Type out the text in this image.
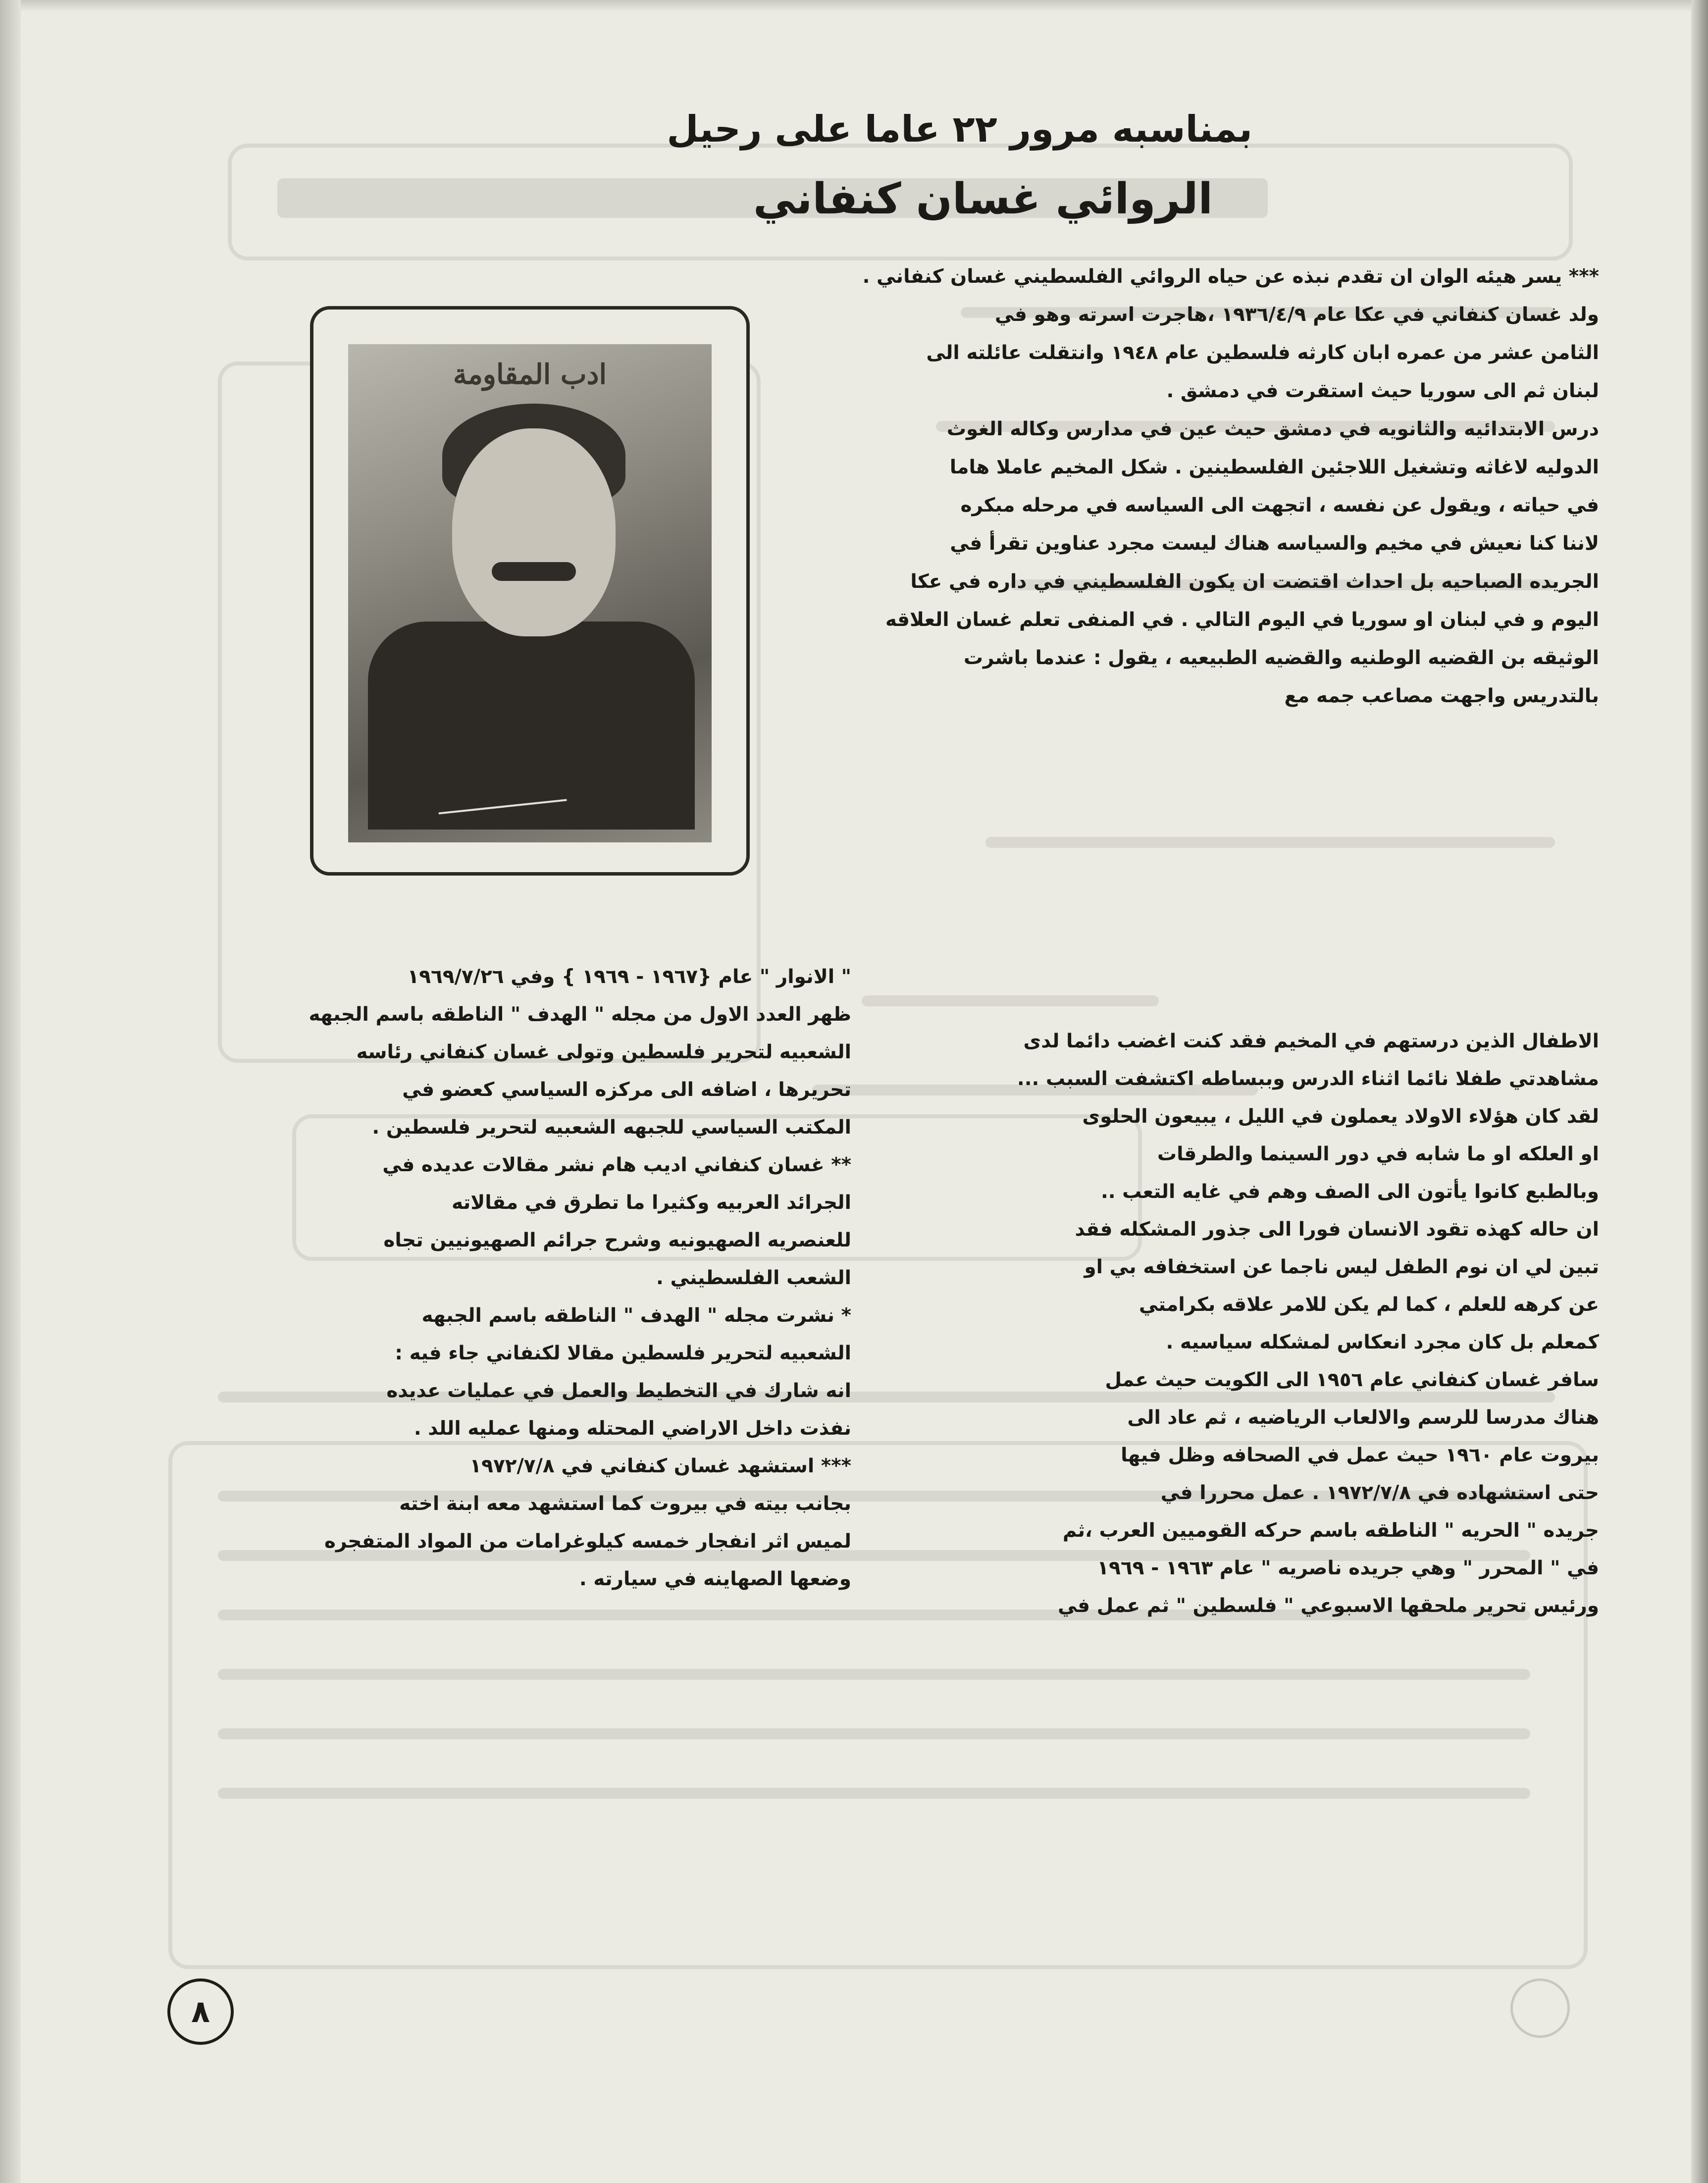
بمناسبه مرور ٢٢ عاما على رحيل
الروائي غسان كنفاني
ادب المقاومة
*** يسر هيئه الوان ان تقدم نبذه عن حياه الروائي الفلسطيني غسان كنفاني .
ولد غسان كنفاني في عكا عام ١٩٣٦/٤/٩ ،هاجرت اسرته وهو في
الثامن عشر من عمره ابان كارثه فلسطين عام ١٩٤٨ وانتقلت عائلته الى
لبنان ثم الى سوريا حيث استقرت في دمشق .
درس الابتدائيه والثانويه في دمشق حيث عين في مدارس وكاله الغوث
الدوليه لاغاثه وتشغيل اللاجئين الفلسطينين . شكل المخيم عاملا هاما
في حياته ، ويقول عن نفسه ، اتجهت الى السياسه في مرحله مبكره
لاننا كنا نعيش في مخيم والسياسه هناك ليست مجرد عناوين تقرأ في
الجريده الصباحيه بل احداث اقتضت ان يكون الفلسطيني في داره في عكا
اليوم و في لبنان او سوريا في اليوم التالي . في المنفى تعلم غسان العلاقه
الوثيقه بن القضيه الوطنيه والقضيه الطبيعيه ، يقول : عندما باشرت
بالتدريس واجهت مصاعب جمه مع
الاطفال الذين درستهم في المخيم فقد كنت اغضب دائما لدى
مشاهدتي طفلا نائما اثناء الدرس وببساطه اكتشفت السبب ...
لقد كان هؤلاء الاولاد يعملون في الليل ، يبيعون الحلوى
او العلكه او ما شابه في دور السينما والطرقات
وبالطبع كانوا يأتون الى الصف وهم في غايه التعب ..
ان حاله كهذه تقود الانسان فورا الى جذور المشكله فقد
تبين لي ان نوم الطفل ليس ناجما عن استخفافه بي او
عن كرهه للعلم ، كما لم يكن للامر علاقه بكرامتي
كمعلم بل كان مجرد انعكاس لمشكله سياسيه .
سافر غسان كنفاني عام ١٩٥٦ الى الكويت حيث عمل
هناك مدرسا للرسم والالعاب الرياضيه ، ثم عاد الى
بيروت عام ١٩٦٠ حيث عمل في الصحافه وظل فيها
حتى استشهاده في ١٩٧٢/٧/٨ . عمل محررا في
جريده " الحريه " الناطقه باسم حركه القوميين العرب ،ثم
في " المحرر " وهي جريده ناصريه " عام ١٩٦٣ - ١٩٦٩
ورئيس تحرير ملحقها الاسبوعي " فلسطين " ثم عمل في
" الانوار " عام {١٩٦٧ - ١٩٦٩ } وفي ١٩٦٩/٧/٢٦
ظهر العدد الاول من مجله " الهدف " الناطقه باسم الجبهه
الشعبيه لتحرير فلسطين وتولى غسان كنفاني رئاسه
تحريرها ، اضافه الى مركزه السياسي كعضو في
المكتب السياسي للجبهه الشعبيه لتحرير فلسطين .
** غسان كنفاني اديب هام نشر مقالات عديده في
الجرائد العربيه وكثيرا ما تطرق في مقالاته
للعنصريه الصهيونيه وشرح جرائم الصهيونيين تجاه
الشعب الفلسطيني .
* نشرت مجله " الهدف " الناطقه باسم الجبهه
الشعبيه لتحرير فلسطين مقالا لكنفاني جاء فيه :
انه شارك في التخطيط والعمل في عمليات عديده
نفذت داخل الاراضي المحتله ومنها عمليه اللد .
*** استشهد غسان كنفاني في ١٩٧٢/٧/٨
بجانب بيته في بيروت كما استشهد معه ابنة اخته
لميس اثر انفجار خمسه كيلوغرامات من المواد المتفجره
وضعها الصهاينه في سيارته .
٨
